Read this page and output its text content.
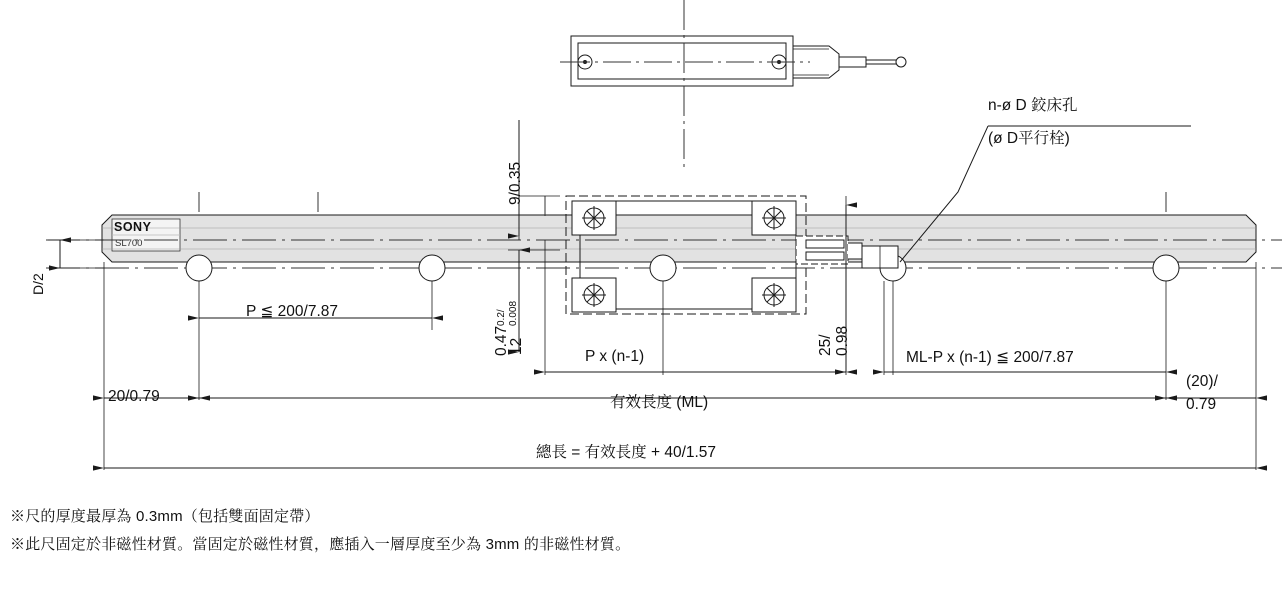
SONY
SL700
n-ø D 鉸床孔
(ø D平行栓)
D/2
9/0.35
12
0.2/ 0.008
0.47
P ≦ 200/7.87
P x (n-1)
25/ 0.98
ML-P x (n-1) ≦ 200/7.87
(20)/
0.79
20/0.79	有效長度 (ML)
總長 = 有效長度 + 40/1.57
※尺的厚度最厚為 0.3mm（包括雙面固定帶）
※此尺固定於非磁性材質。當固定於磁性材質，應插入一層厚度至少為 3mm 的非磁性材質。
